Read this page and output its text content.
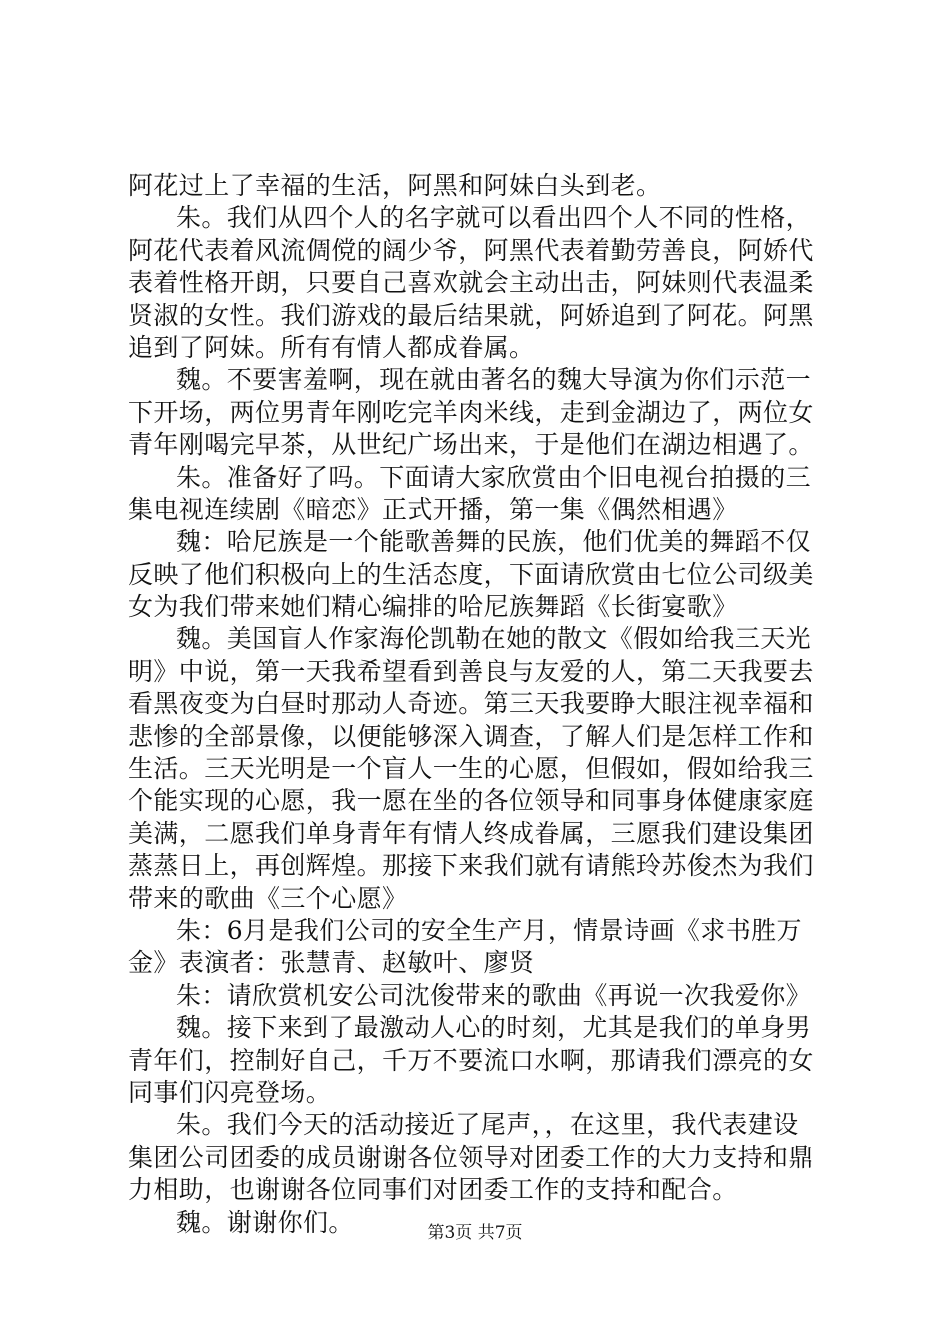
阿花过上了幸福的生活，阿黑和阿妹白头到老。
朱。我们从四个人的名字就可以看出四个人不同的性格，
阿花代表着风流倜傥的阔少爷，阿黑代表着勤劳善良，阿娇代
表着性格开朗，只要自己喜欢就会主动出击，阿妹则代表温柔
贤淑的女性。我们游戏的最后结果就，阿娇追到了阿花。阿黑
追到了阿妹。所有有情人都成眷属。
魏。不要害羞啊，现在就由著名的魏大导演为你们示范一
下开场，两位男青年刚吃完羊肉米线，走到金湖边了，两位女
青年刚喝完早茶，从世纪广场出来，于是他们在湖边相遇了。
朱。准备好了吗。下面请大家欣赏由个旧电视台拍摄的三
集电视连续剧《暗恋》正式开播，第一集《偶然相遇》
魏：哈尼族是一个能歌善舞的民族，他们优美的舞蹈不仅
反映了他们积极向上的生活态度，下面请欣赏由七位公司级美
女为我们带来她们精心编排的哈尼族舞蹈《长街宴歌》
魏。美国盲人作家海伦凯勒在她的散文《假如给我三天光
明》中说，第一天我希望看到善良与友爱的人，第二天我要去
看黑夜变为白昼时那动人奇迹。第三天我要睁大眼注视幸福和
悲惨的全部景像，以便能够深入调查，了解人们是怎样工作和
生活。三天光明是一个盲人一生的心愿，但假如，假如给我三
个能实现的心愿，我一愿在坐的各位领导和同事身体健康家庭
美满，二愿我们单身青年有情人终成眷属，三愿我们建设集团
蒸蒸日上，再创辉煌。那接下来我们就有请熊玲苏俊杰为我们
带来的歌曲《三个心愿》
朱：6月是我们公司的安全生产月，情景诗画《求书胜万
金》表演者：张慧青、赵敏叶、廖贤
朱：请欣赏机安公司沈俊带来的歌曲《再说一次我爱你》
魏。接下来到了最激动人心的时刻，尤其是我们的单身男
青年们，控制好自己，千万不要流口水啊，那请我们漂亮的女
同事们闪亮登场。
朱。我们今天的活动接近了尾声，，在这里，我代表建设
集团公司团委的成员谢谢各位领导对团委工作的大力支持和鼎
力相助，也谢谢各位同事们对团委工作的支持和配合。
魏。谢谢你们。	第3页 共7页
